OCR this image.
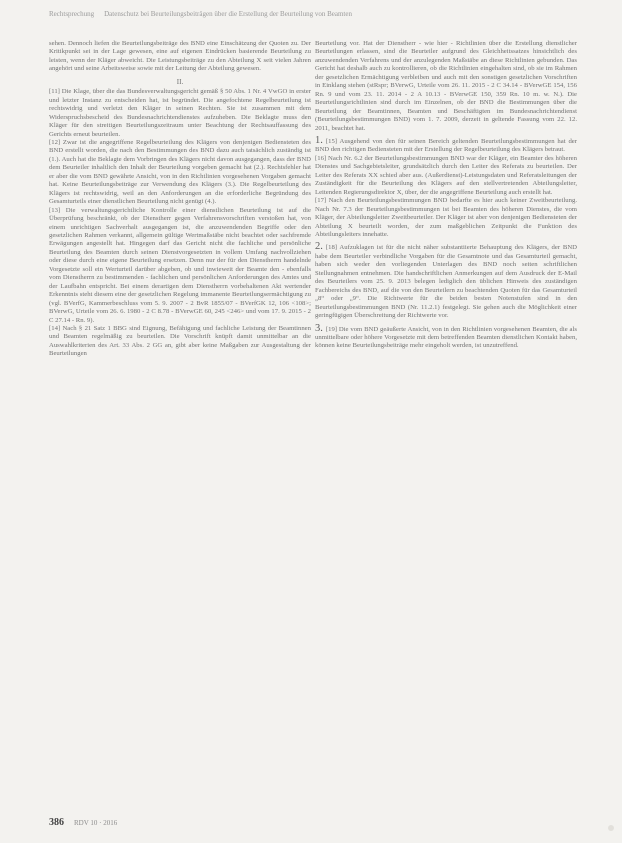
Rechtsprechung Datenschutz bei Beurteilungsbeiträgen über die Erstellung der Beurteilung von Beamten

sehen. Dennoch liefen die Beurteilungsbeiträge des BND eine Einschätzung der Quoten zu. Der Kritikpunkt sei in der Lage gewesen, eine auf eigenen Eindrücken basierende Beurteilung zu leisten, wenn der Kläger abweicht. Die Leistungsbeiträge zu den Abteilung X seit vielen Jahren angehört und seine Arbeitsweise sowie mit der Leitung der Abteilung gewesen.

II.

[11] Die Klage, über die das Bundesverwaltungsgericht gemäß § 50 Abs. 1 Nr. 4 VwGO in erster und letzter Instanz zu entscheiden hat, ist begründet. Die angefochtene Regelbeurteilung ist rechtswidrig und verletzt den Kläger in seinen Rechten. Sie ist zusammen mit dem Widerspruchsbescheid des Bundesnachrichtendienstes aufzuheben. Die Beklagte muss den Kläger für den streitigen Beurteilungszeitraum unter Beachtung der Rechtsauffassung des Gerichts erneut beurteilen.

[12] Zwar ist die angegriffene Regelbeurteilung des Klägers von denjenigen Bediensteten des BND erstellt worden, die nach den Bestimmungen des BND dazu auch tatsächlich zuständig ist (1.). Auch hat die Beklagte dem Vorbringen des Klägers nicht davon ausgegangen, dass der BND dem Beurteiler inhaltlich den Inhalt der Beurteilung vorgeben gemacht hat (2.). Rechtsfehler hat er aber die vom BND gewährte Ansicht, von in den Richtlinien vorgesehenen Vorgaben gemacht hat. Keine Beurteilungsbeiträge zur Verwendung des Klägers (3.). Die Regelbeurteilung des Klägers ist rechtswidrig, weil an den Anforderungen an die erforderliche Begründung des Gesamturteils einer dienstlichen Beurteilung nicht genügt (4.).

[13] Die verwaltungsgerichtliche Kontrolle einer dienstlichen Beurteilung ist auf die Überprüfung beschränkt, ob der Dienstherr gegen Verfahrensvorschriften verstoßen hat, von einem unrichtigen Sachverhalt ausgegangen ist, die anzuwendenden Begriffe oder den gesetzlichen Rahmen verkannt, allgemein gültige Wertmaßstäbe nicht beachtet oder sachfremde Erwägungen angestellt hat. Hingegen darf das Gericht nicht die fachliche und persönliche Beurteilung des Beamten durch seinen Dienstvorgesetzten in vollem Umfang nachvollziehen oder diese durch eine eigene Beurteilung ersetzen. Denn nur der für den Dienstherrn handelnde Vorgesetzte soll ein Werturteil darüber abgeben, ob und inwieweit der Beamte den - ebenfalls vom Dienstherrn zu bestimmenden - fachlichen und persönlichen Anforderungen des Amtes und der Laufbahn entspricht. Bei einem derartigen dem Dienstherrn vorbehaltenen Akt wertender Erkenntnis steht diesem eine der gesetzlichen Regelung immanente Beurteilungsermächtigung zu (vgl. BVerfG, Kammerbeschluss vom 5. 9. 2007 - 2 BvR 1855/07 - BVerfGK 12, 106 <108>; BVerwG, Urteile vom 26. 6. 1980 - 2 C 8.78 - BVerwGE 60, 245 <246> und vom 17. 9. 2015 - 2 C 27.14 - Rn. 9).

[14] Nach § 21 Satz 1 BBG sind Eignung, Befähigung und fachliche Leistung der Beamtinnen und Beamten regelmäßig zu beurteilen. Die Vorschrift knüpft damit unmittelbar an die Auswahlkriterien des Art. 33 Abs. 2 GG an, gibt aber keine Maßgaben zur Ausgestaltung der Beurteilungen

Beurteilung vor. Hat der Dienstherr - wie hier - Richtlinien über die Erstellung dienstlicher Beurteilungen erlassen, sind die Beurteiler aufgrund des Gleichheitssatzes hinsichtlich des anzuwendenden Verfahrens und der anzulegenden Maßstäbe an diese Richtlinien gebunden. Das Gericht hat deshalb auch zu kontrollieren, ob die Richtlinien eingehalten sind, ob sie im Rahmen der gesetzlichen Ermächtigung verbleiben und auch mit den sonstigen gesetzlichen Vorschriften in Einklang stehen (stRspr; BVerwG, Urteile vom 26. 11. 2015 - 2 C 34.14 - BVerwGE 154, 156 Rn. 9 und vom 23. 11. 2014 - 2 A 10.13 - BVerwGE 150, 359 Rn. 10 m. w. N.). Die Beurteilungsrichtlinien sind durch im Einzelnen, ob der BND die Bestimmungen über die Beurteilung der Beamtinnen, Beamten und Beschäftigten im Bundesnachrichtendienst (Beurteilungsbestimmungen BND) vom 1. 7. 2009, derzeit in geltende Fassung vom 22. 12. 2011, beachtet hat.

1. [15] Ausgehend von den für seinen Bereich geltenden Beurteilungsbestimmungen hat der BND den richtigen Bediensteten mit der Erstellung der Regelbeurteilung des Klägers betraut.

[16] Nach Nr. 6.2 der Beurteilungsbestimmungen BND war der Kläger, ein Beamter des höheren Dienstes und Sachgebietsleiter, grundsätzlich durch den Leiter des Referats zu beurteilen. Der Leiter des Referats XX schied aber aus. (Außerdienst)-Leistungsdaten und Referatsleitungen der Zuständigkeit für die Beurteilung des Klägers auf den stellvertretenden Abteilungsleiter, Leitenden Regierungsdirektor X, über, der die angegriffene Beurteilung auch erstellt hat.

[17] Nach den Beurteilungsbestimmungen BND bedarfte es hier auch keiner Zweitbeurteilung. Nach Nr. 7.3 der Beurteilungsbestimmungen ist bei Beamten des höheren Dienstes, die vom Kläger, der Abteilungsleiter Zweitbeurteiler. Der Kläger ist aber von denjenigen Bediensteten der Abteilung X beurteilt worden, der zum maßgeblichen Zeitpunkt die Funktion des Abteilungsleiters innehatte.

2. [18] Aufzuklagen ist für die nicht näher substantiierte Behauptung des Klägers, der BND habe dem Beurteiler verbindliche Vorgaben für die Gesamtnote und das Gesamturteil gemacht, haben sich weder den vorliegenden Unterlagen des BND noch seiten schriftlichen Stellungnahmen entnehmen. Die handschriftlichen Anmerkungen auf dem Ausdruck der E-Mail des Beurteilers vom 25. 9. 2013 belegen lediglich den üblichen Hinweis des zuständigen Fachbereichs des BND, auf die von den Beurteilern zu beachtenden Quoten für das Gesamturteil „8“ oder „9“. Die Richtwerte für die beiden besten Notenstufen sind in den Beurteilungsbestimmungen BND (Nr. 11.2.1) festgelegt. Sie gehen auch die Möglichkeit einer geringfügigen Überschreitung der Richtwerte vor.

3. [19] Die vom BND geäußerte Ansicht, von in den Richtlinien vorgesehenen Beamten, die als unmittelbare oder höhere Vorgesetzte mit dem betreffenden Beamten dienstlichen Kontakt haben, können keine Beurteilungsbeiträge mehr eingeholt werden, ist unzutreffend.

386 RDV 10 · 2016
